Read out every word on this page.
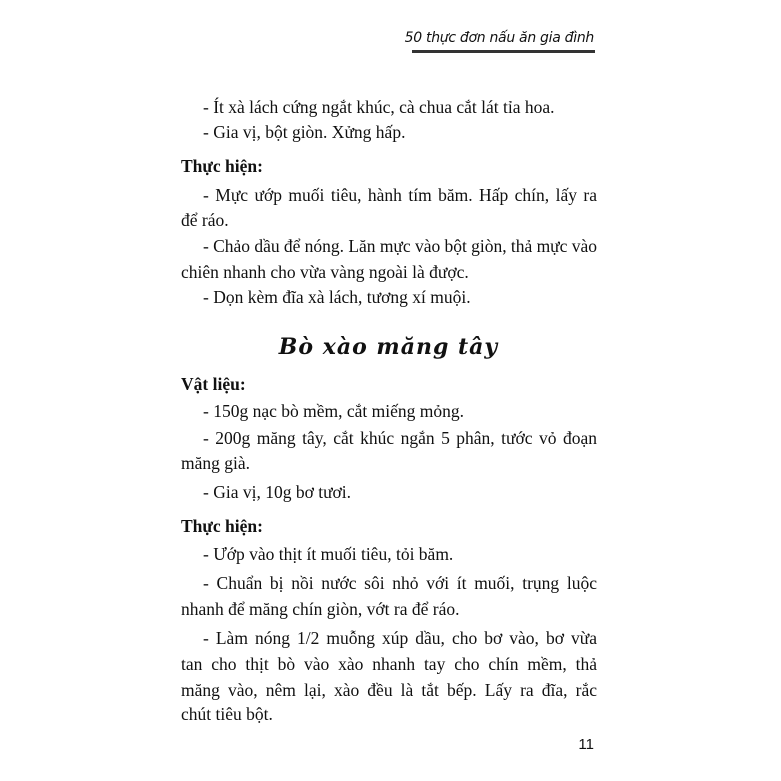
50 thực đơn nấu ăn gia đình
- Ít xà lách cứng ngắt khúc, cà chua cắt lát tỉa hoa.
- Gia vị, bột giòn. Xửng hấp.
Thực hiện:
- Mực ướp muối tiêu, hành tím băm. Hấp chín, lấy ra
để ráo.
- Chảo dầu để nóng. Lăn mực vào bột giòn, thả mực vào
chiên nhanh cho vừa vàng ngoài là được.
- Dọn kèm đĩa xà lách, tương xí muội.
Bò xào măng tây
Vật liệu:
- 150g nạc bò mềm, cắt miếng mỏng.
- 200g măng tây, cắt khúc ngắn 5 phân, tước vỏ đoạn
măng già.
- Gia vị, 10g bơ tươi.
Thực hiện:
- Ướp vào thịt ít muối tiêu, tỏi băm.
- Chuẩn bị nồi nước sôi nhỏ với ít muối, trụng luộc
nhanh để măng chín giòn, vớt ra để ráo.
- Làm nóng 1/2 muỗng xúp dầu, cho bơ vào, bơ vừa
tan cho thịt bò vào xào nhanh tay cho chín mềm, thả
măng vào, nêm lại, xào đều là tắt bếp. Lấy ra đĩa, rắc
chút tiêu bột.
11
